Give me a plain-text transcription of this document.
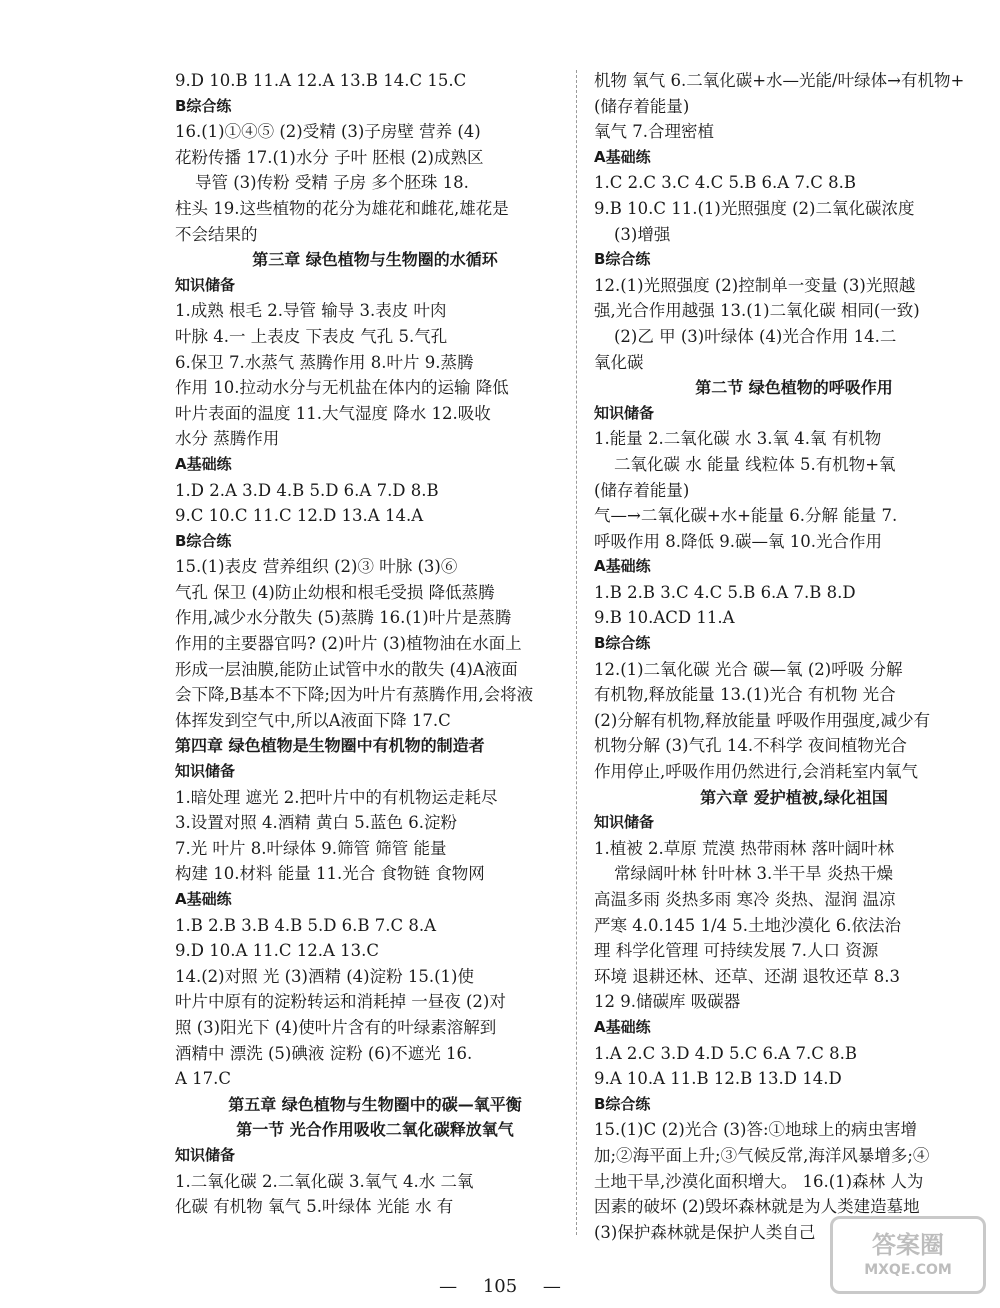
9.D 10.B 11.A 12.A 13.B 14.C 15.C
B综合练
16.(1)①④⑤ (2)受精 (3)子房壁 营养 (4)
花粉传播 17.(1)水分 子叶 胚根 (2)成熟区
导管 (3)传粉 受精 子房 多个胚珠 18.
柱头 19.这些植物的花分为雄花和雌花,雄花是
不会结果的
第三章 绿色植物与生物圈的水循环
知识储备
1.成熟 根毛 2.导管 输导 3.表皮 叶肉
叶脉 4.一 上表皮 下表皮 气孔 5.气孔
6.保卫 7.水蒸气 蒸腾作用 8.叶片 9.蒸腾
作用 10.拉动水分与无机盐在体内的运输 降低
叶片表面的温度 11.大气湿度 降水 12.吸收
水分 蒸腾作用
A基础练
1.D 2.A 3.D 4.B 5.D 6.A 7.D 8.B
9.C 10.C 11.C 12.D 13.A 14.A
B综合练
15.(1)表皮 营养组织 (2)③ 叶脉 (3)⑥
气孔 保卫 (4)防止幼根和根毛受损 降低蒸腾
作用,减少水分散失 (5)蒸腾 16.(1)叶片是蒸腾
作用的主要器官吗? (2)叶片 (3)植物油在水面上
形成一层油膜,能防止试管中水的散失 (4)A液面
会下降,B基本不下降;因为叶片有蒸腾作用,会将液
体挥发到空气中,所以A液面下降 17.C
第四章 绿色植物是生物圈中有机物的制造者
知识储备
1.暗处理 遮光 2.把叶片中的有机物运走耗尽
3.设置对照 4.酒精 黄白 5.蓝色 6.淀粉
7.光 叶片 8.叶绿体 9.筛管 筛管 能量
构建 10.材料 能量 11.光合 食物链 食物网
A基础练
1.B 2.B 3.B 4.B 5.D 6.B 7.C 8.A
9.D 10.A 11.C 12.A 13.C
14.(2)对照 光 (3)酒精 (4)淀粉 15.(1)使
叶片中原有的淀粉转运和消耗掉 一昼夜 (2)对
照 (3)阳光下 (4)使叶片含有的叶绿素溶解到
酒精中 漂洗 (5)碘液 淀粉 (6)不遮光 16.
A 17.C
第五章 绿色植物与生物圈中的碳—氧平衡
第一节 光合作用吸收二氧化碳释放氧气
知识储备
1.二氧化碳 2.二氧化碳 3.氧气 4.水 二氧
化碳 有机物 氧气 5.叶绿体 光能 水 有
机物 氧气 6.二氧化碳+水—光能/叶绿体→有机物+
(储存着能量)
氧气 7.合理密植
A基础练
1.C 2.C 3.C 4.C 5.B 6.A 7.C 8.B
9.B 10.C 11.(1)光照强度 (2)二氧化碳浓度
(3)增强
B综合练
12.(1)光照强度 (2)控制单一变量 (3)光照越
强,光合作用越强 13.(1)二氧化碳 相同(一致)
(2)乙 甲 (3)叶绿体 (4)光合作用 14.二
氧化碳
第二节 绿色植物的呼吸作用
知识储备
1.能量 2.二氧化碳 水 3.氧 4.氧 有机物
二氧化碳 水 能量 线粒体 5.有机物+氧
(储存着能量)
气—→二氧化碳+水+能量 6.分解 能量 7.
呼吸作用 8.降低 9.碳—氧 10.光合作用
A基础练
1.B 2.B 3.C 4.C 5.B 6.A 7.B 8.D
9.B 10.ACD 11.A
B综合练
12.(1)二氧化碳 光合 碳—氧 (2)呼吸 分解
有机物,释放能量 13.(1)光合 有机物 光合
(2)分解有机物,释放能量 呼吸作用强度,减少有
机物分解 (3)气孔 14.不科学 夜间植物光合
作用停止,呼吸作用仍然进行,会消耗室内氧气
第六章 爱护植被,绿化祖国
知识储备
1.植被 2.草原 荒漠 热带雨林 落叶阔叶林
常绿阔叶林 针叶林 3.半干旱 炎热干燥
高温多雨 炎热多雨 寒冷 炎热、湿润 温凉
严寒 4.0.145 1/4 5.土地沙漠化 6.依法治
理 科学化管理 可持续发展 7.人口 资源
环境 退耕还林、还草、还湖 退牧还草 8.3
12 9.储碳库 吸碳器
A基础练
1.A 2.C 3.D 4.D 5.C 6.A 7.C 8.B
9.A 10.A 11.B 12.B 13.D 14.D
B综合练
15.(1)C (2)光合 (3)答:①地球上的病虫害增
加;②海平面上升;③气候反常,海洋风暴增多;④
土地干旱,沙漠化面积增大。 16.(1)森林 人为
因素的破坏 (2)毁坏森林就是为人类建造墓地
(3)保护森林就是保护人类自己
— 105 —
答案圈
MXQE.COM
